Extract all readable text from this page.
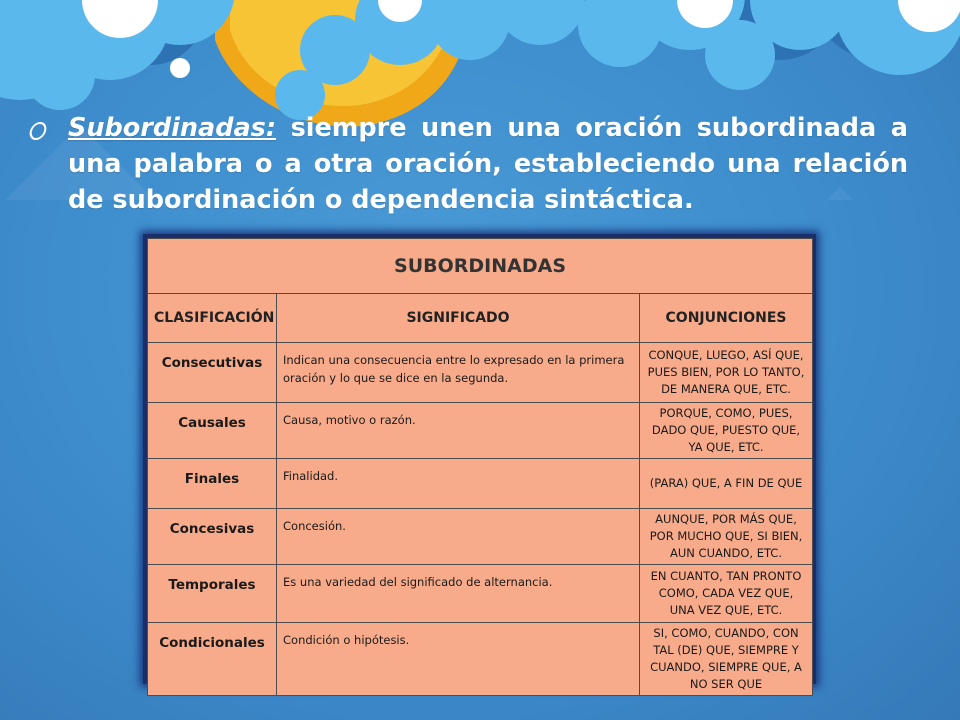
Subordinadas: siempre unen una oración subordinada a una palabra o a otra oración, estableciendo una relación de subordinación o dependencia sintáctica.

SUBORDINADAS		
CLASIFICACIÓN	SIGNIFICADO	CONJUNCIONES
Consecutivas	Indican una consecuencia entre lo expresado en la primera oración y lo que se dice en la segunda.	CONQUE, LUEGO, ASÍ QUE, PUES BIEN, POR LO TANTO, DE MANERA QUE, ETC.
Causales	Causa, motivo o razón.	PORQUE, COMO, PUES, DADO QUE, PUESTO QUE, YA QUE, ETC.
Finales	Finalidad.	(PARA) QUE, A FIN DE QUE
Concesivas	Concesión.	AUNQUE, POR MÁS QUE, POR MUCHO QUE, SI BIEN, AUN CUANDO, ETC.
Temporales	Es una variedad del significado de alternancia.	EN CUANTO, TAN PRONTO COMO, CADA VEZ QUE, UNA VEZ QUE, ETC.
Condicionales	Condición o hipótesis.	SI, COMO, CUANDO, CON TAL (DE) QUE, SIEMPRE Y CUANDO, SIEMPRE QUE, A NO SER QUE
